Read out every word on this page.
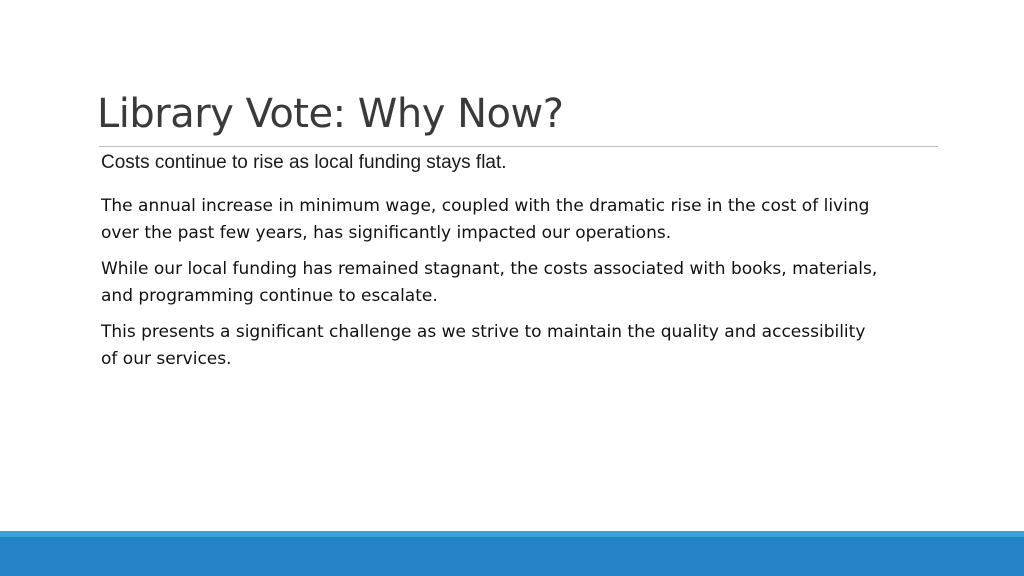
Library Vote: Why Now?

Costs continue to rise as local funding stays flat.

The annual increase in minimum wage, coupled with the dramatic rise in the cost of living over the past few years, has significantly impacted our operations.

While our local funding has remained stagnant, the costs associated with books, materials, and programming continue to escalate.

This presents a significant challenge as we strive to maintain the quality and accessibility of our services.
